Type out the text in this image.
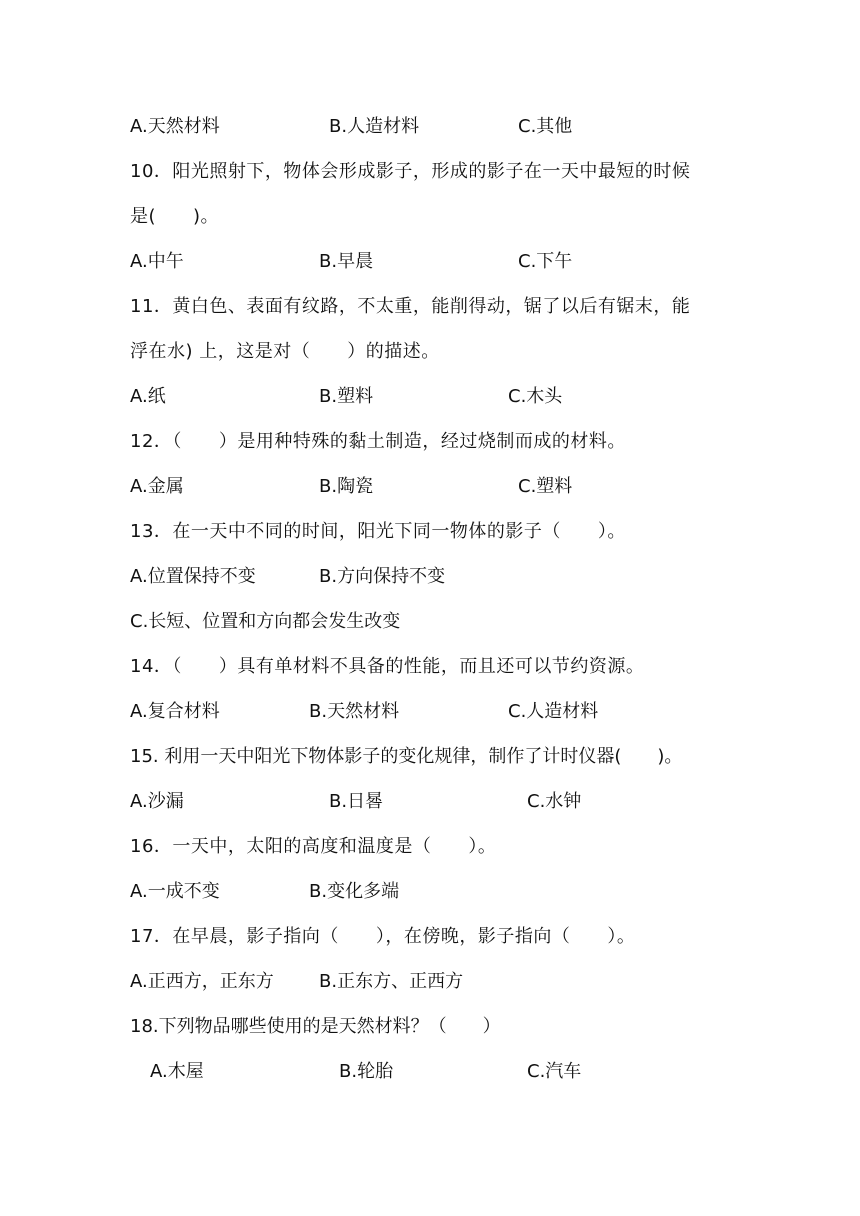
A.天然材料	B.人造材料	C.其他
10．阳光照射下，物体会形成影子，形成的影子在一天中最短的时候
是(　　)。
A.中午	B.早晨	C.下午
11．黄白色、表面有纹路，不太重，能削得动，锯了以后有锯末，能
浮在水) 上，这是对（　　）的描述。
A.纸	B.塑料	C.木头
12．（　　）是用种特殊的黏土制造，经过烧制而成的材料。
A.金属	B.陶瓷	C.塑料
13．在一天中不同的时间，阳光下同一物体的影子（　　）。
A.位置保持不变	B.方向保持不变
C.长短、位置和方向都会发生改变
14．（　　）具有单材料不具备的性能，而且还可以节约资源。
A.复合材料	B.天然材料	C.人造材料
15. 利用一天中阳光下物体影子的变化规律，制作了计时仪器(　　)。
A.沙漏	B.日晷	C.水钟
16．一天中，太阳的高度和温度是（　　）。
A.一成不变	B.变化多端
17．在早晨，影子指向（　　），在傍晚，影子指向（　　）。
A.正西方，正东方	B.正东方、正西方
18.下列物品哪些使用的是天然材料？（　　）
A.木屋	B.轮胎	C.汽车
